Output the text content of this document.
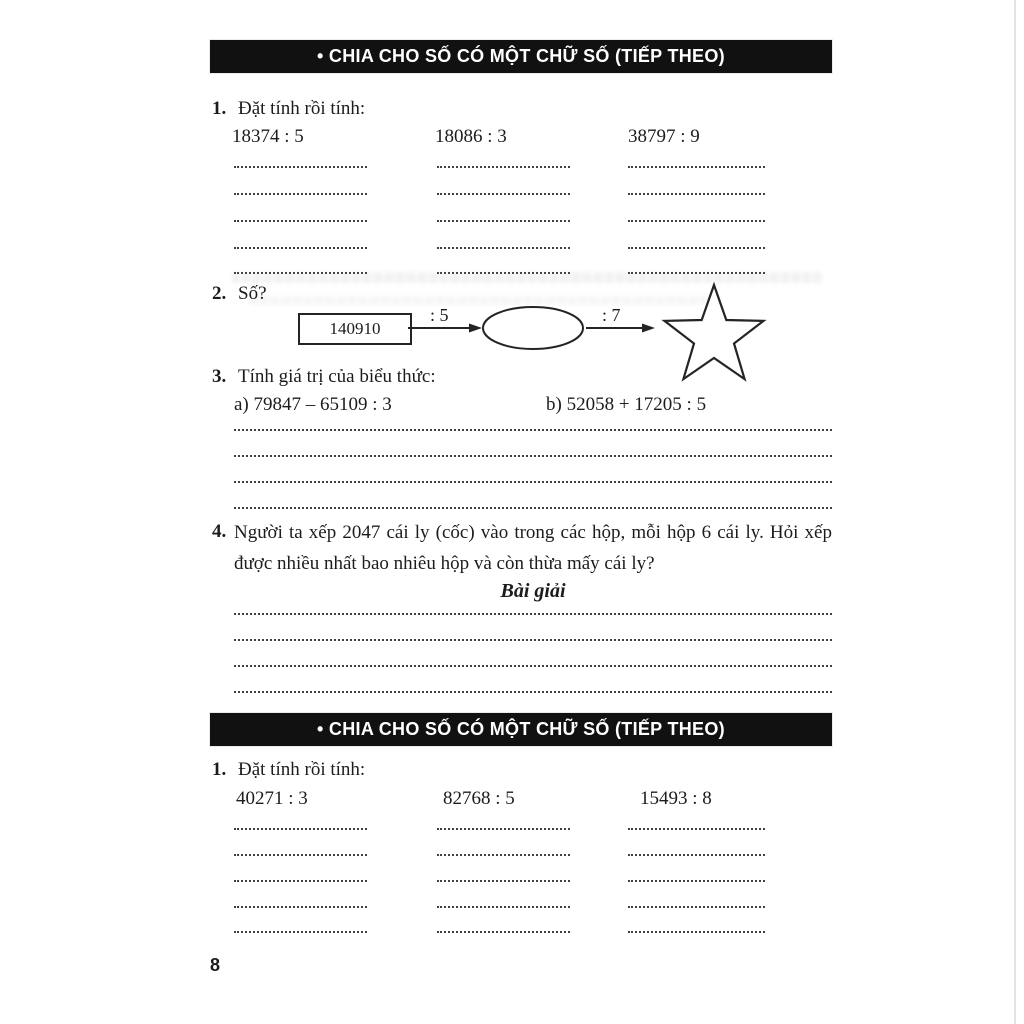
• CHIA CHO SỐ CÓ MỘT CHỮ SỐ (TIẾP THEO)
1. Đặt tính rồi tính:
18374 : 5	18086 : 3	38797 : 9
2. Số?
140910
: 5	: 7
3. Tính giá trị của biểu thức:
a) 79847 – 65109 : 3	b) 52058 + 17205 : 5
4. Người ta xếp 2047 cái ly (cốc) vào trong các hộp, mỗi hộp 6 cái ly. Hỏi xếp được nhiều nhất bao nhiêu hộp và còn thừa mấy cái ly?
Bài giải
• CHIA CHO SỐ CÓ MỘT CHỮ SỐ (TIẾP THEO)
1. Đặt tính rồi tính:
40271 : 3	82768 : 5	15493 : 8
8
